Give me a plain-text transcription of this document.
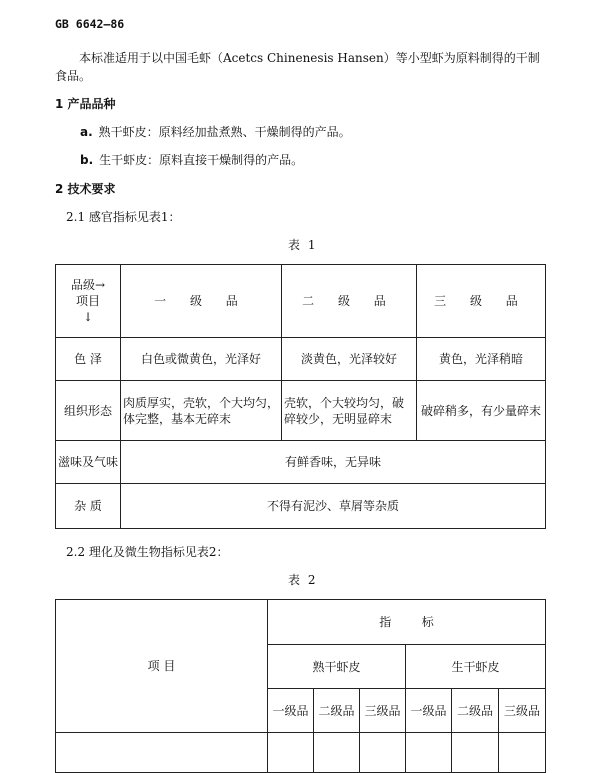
GB 6642—86
本标准适用于以中国毛虾（Acetcs Chinenesis Hansen）等小型虾为原料制得的干制食品。
1 产品品种
a. 熟干虾皮：原料经加盐煮熟、干燥制得的产品。
b. 生干虾皮：原料直接干燥制得的产品。
2 技术要求
2.1 感官指标见表1：
表 1
品级→
项目
↓	一 级 品	二 级 品	三 级 品
色 泽	白色或微黄色，光泽好	淡黄色，光泽较好	黄色，光泽稍暗
组织形态	肉质厚实，壳软，个大均匀，体完整，基本无碎末	壳软，个大较均匀，破碎较少，无明显碎末	破碎稍多，有少量碎末
滋味及气味	有鲜香味，无异味		
杂 质	不得有泥沙、草屑等杂质		
2.2 理化及微生物指标见表2：
表 2
项 目	指        标					
	熟干虾皮			生干虾皮		
	一级品	二级品	三级品	一级品	二级品	三级品
